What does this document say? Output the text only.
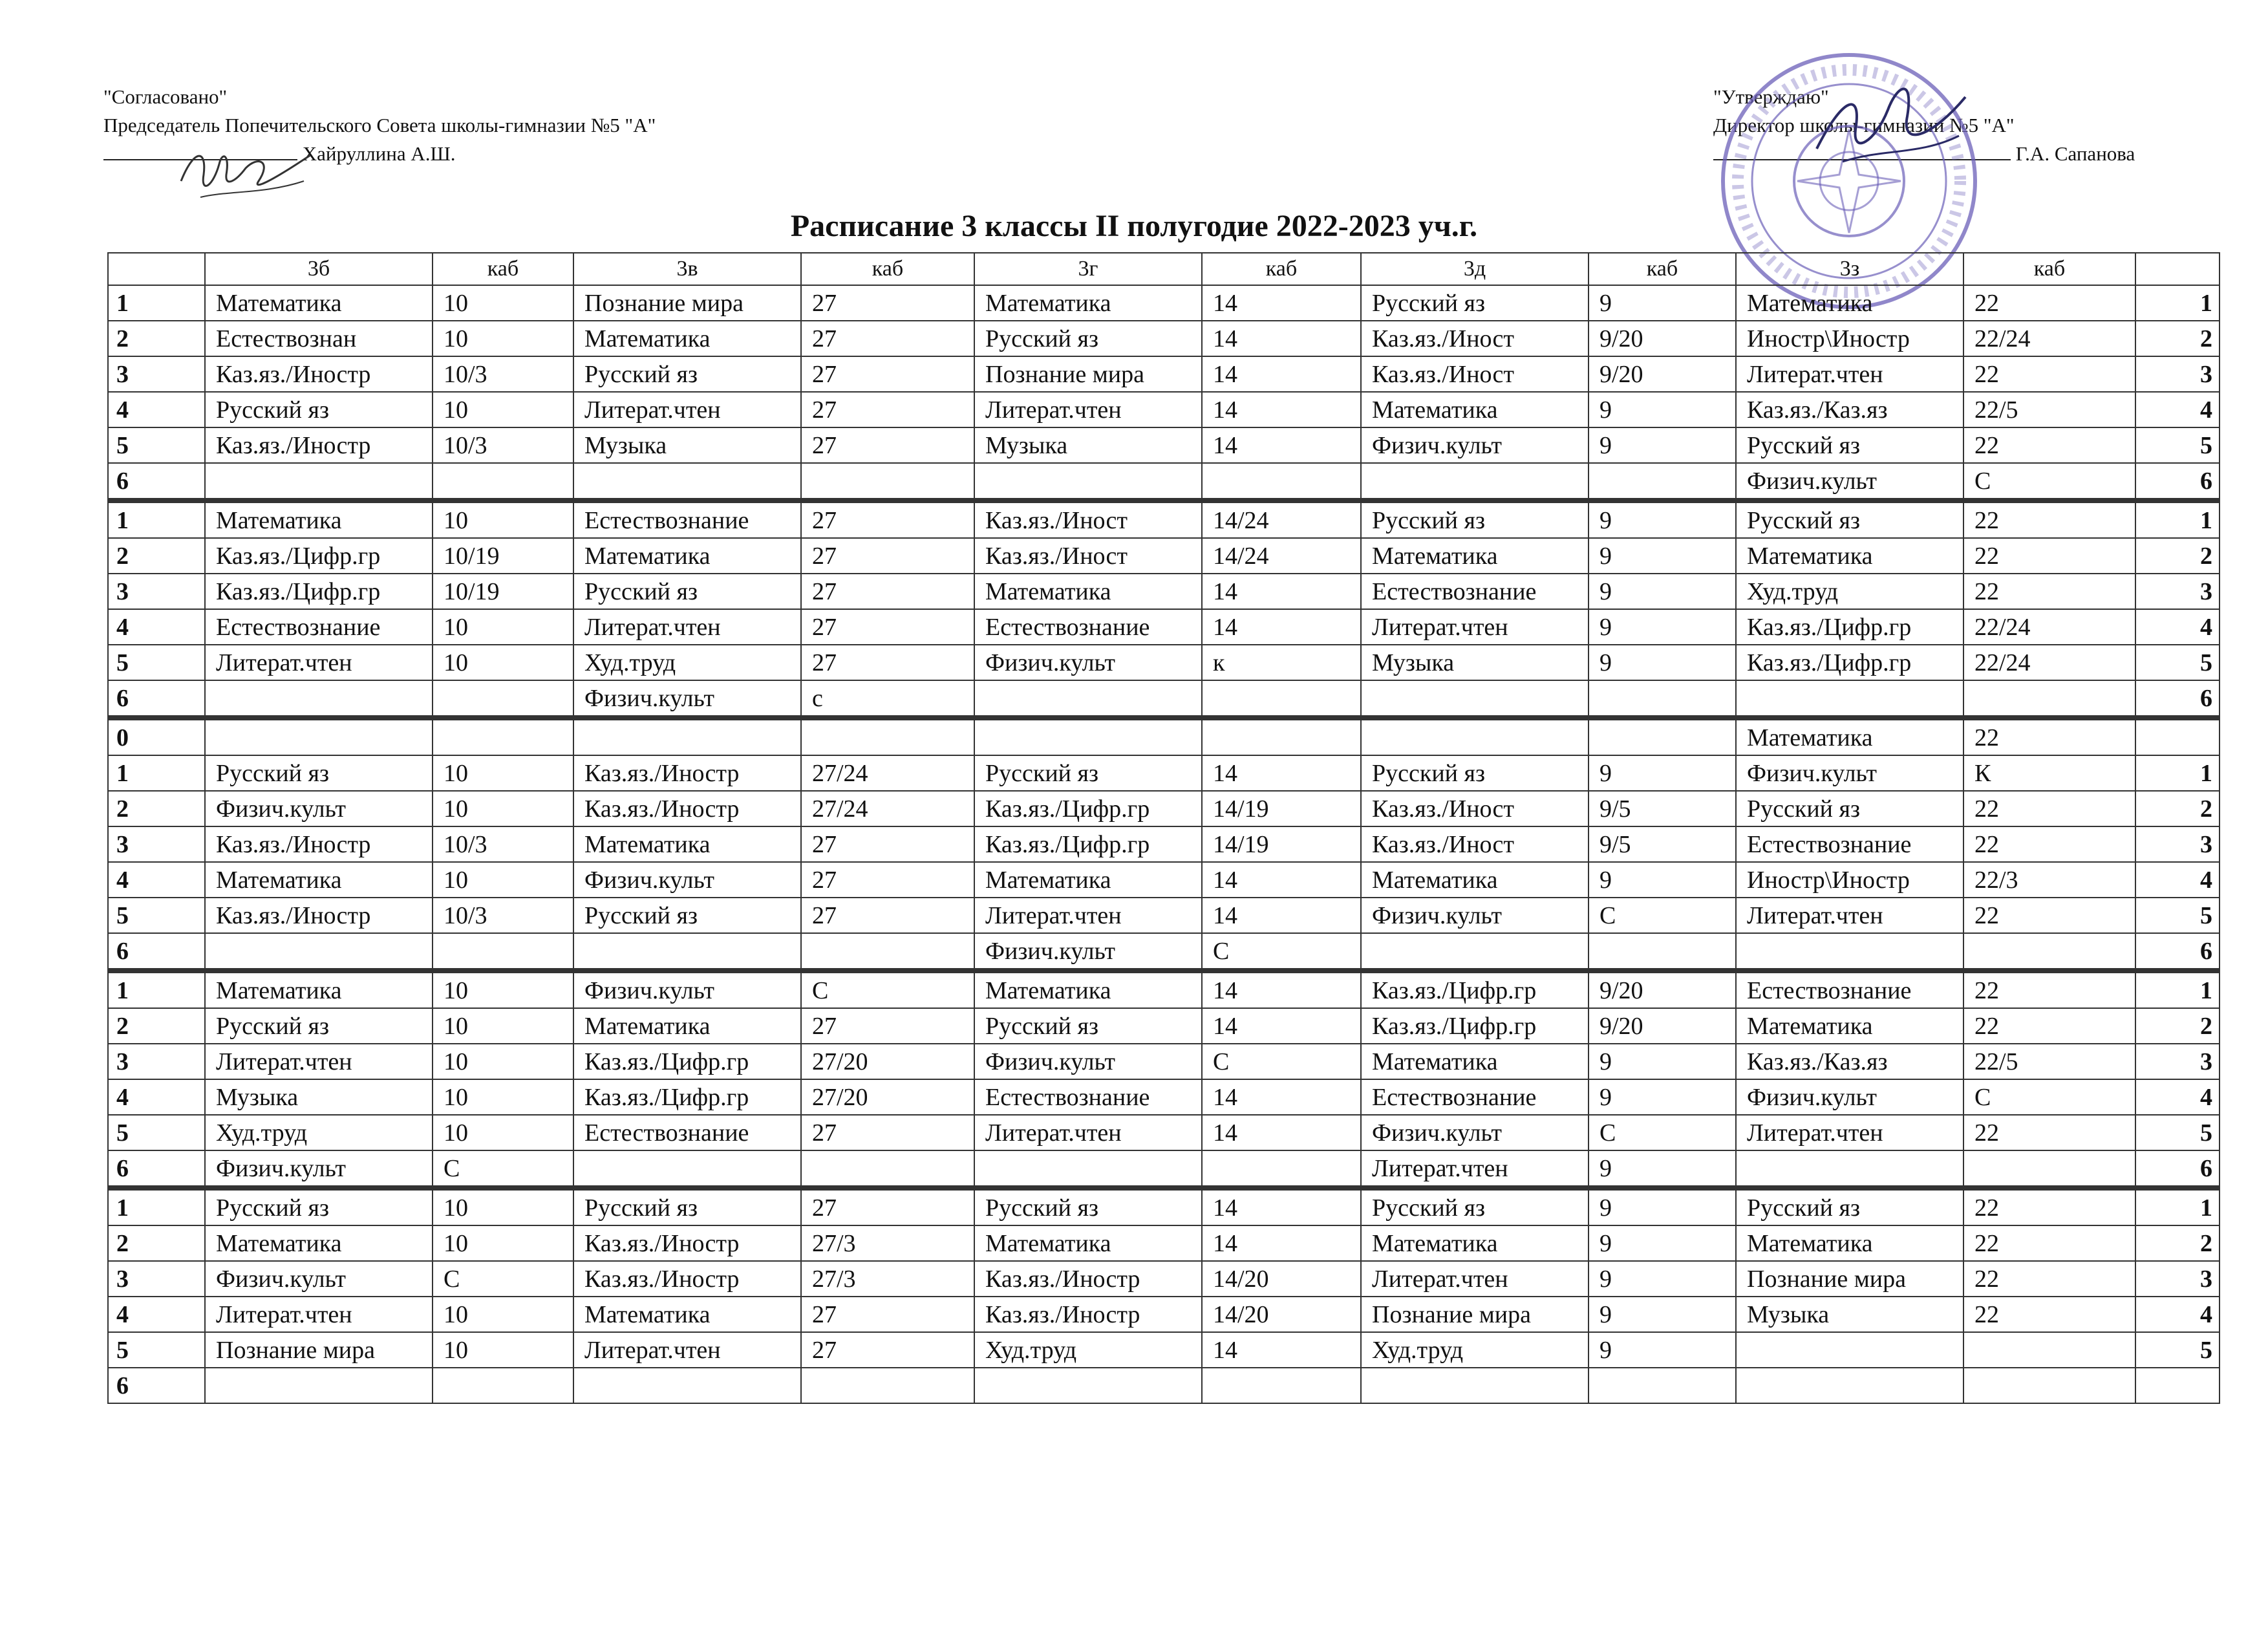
"Согласовано"
Председатель Попечительского Совета школы-гимназии №5 "А"
Хайруллина А.Ш.
"Утверждаю"
Директор школы-гимназии №5 "А"
Г.А. Сапанова
Расписание 3 классы II полугодие 2022-2023 уч.г.
	3б	каб	3в	каб	3г	каб	3д	каб	3з	каб	
1	Математика	10	Познание мира	27	Математика	14	Русский яз	9	Математика	22	1
2	Естествознан	10	Математика	27	Русский яз	14	Каз.яз./Иност	9/20	Иностр\Иностр	22/24	2
3	Каз.яз./Иностр	10/3	Русский яз	27	Познание мира	14	Каз.яз./Иност	9/20	Литерат.чтен	22	3
4	Русский яз	10	Литерат.чтен	27	Литерат.чтен	14	Математика	9	Каз.яз./Каз.яз	22/5	4
5	Каз.яз./Иностр	10/3	Музыка	27	Музыка	14	Физич.культ	9	Русский яз	22	5
6									Физич.культ	С	6
1	Математика	10	Естествознание	27	Каз.яз./Иност	14/24	Русский яз	9	Русский яз	22	1
2	Каз.яз./Цифр.гр	10/19	Математика	27	Каз.яз./Иност	14/24	Математика	9	Математика	22	2
3	Каз.яз./Цифр.гр	10/19	Русский яз	27	Математика	14	Естествознание	9	Худ.труд	22	3
4	Естествознание	10	Литерат.чтен	27	Естествознание	14	Литерат.чтен	9	Каз.яз./Цифр.гр	22/24	4
5	Литерат.чтен	10	Худ.труд	27	Физич.культ	к	Музыка	9	Каз.яз./Цифр.гр	22/24	5
6			Физич.культ	с							6
0									Математика	22	
1	Русский яз	10	Каз.яз./Иностр	27/24	Русский яз	14	Русский яз	9	Физич.культ	К	1
2	Физич.культ	10	Каз.яз./Иностр	27/24	Каз.яз./Цифр.гр	14/19	Каз.яз./Иност	9/5	Русский яз	22	2
3	Каз.яз./Иностр	10/3	Математика	27	Каз.яз./Цифр.гр	14/19	Каз.яз./Иност	9/5	Естествознание	22	3
4	Математика	10	Физич.культ	27	Математика	14	Математика	9	Иностр\Иностр	22/3	4
5	Каз.яз./Иностр	10/3	Русский яз	27	Литерат.чтен	14	Физич.культ	С	Литерат.чтен	22	5
6					Физич.культ	С					6
1	Математика	10	Физич.культ	С	Математика	14	Каз.яз./Цифр.гр	9/20	Естествознание	22	1
2	Русский яз	10	Математика	27	Русский яз	14	Каз.яз./Цифр.гр	9/20	Математика	22	2
3	Литерат.чтен	10	Каз.яз./Цифр.гр	27/20	Физич.культ	С	Математика	9	Каз.яз./Каз.яз	22/5	3
4	Музыка	10	Каз.яз./Цифр.гр	27/20	Естествознание	14	Естествознание	9	Физич.культ	С	4
5	Худ.труд	10	Естествознание	27	Литерат.чтен	14	Физич.культ	С	Литерат.чтен	22	5
6	Физич.культ	С					Литерат.чтен	9			6
1	Русский яз	10	Русский яз	27	Русский яз	14	Русский яз	9	Русский яз	22	1
2	Математика	10	Каз.яз./Иностр	27/3	Математика	14	Математика	9	Математика	22	2
3	Физич.культ	С	Каз.яз./Иностр	27/3	Каз.яз./Иностр	14/20	Литерат.чтен	9	Познание мира	22	3
4	Литерат.чтен	10	Математика	27	Каз.яз./Иностр	14/20	Познание мира	9	Музыка	22	4
5	Познание мира	10	Литерат.чтен	27	Худ.труд	14	Худ.труд	9			5
6											
